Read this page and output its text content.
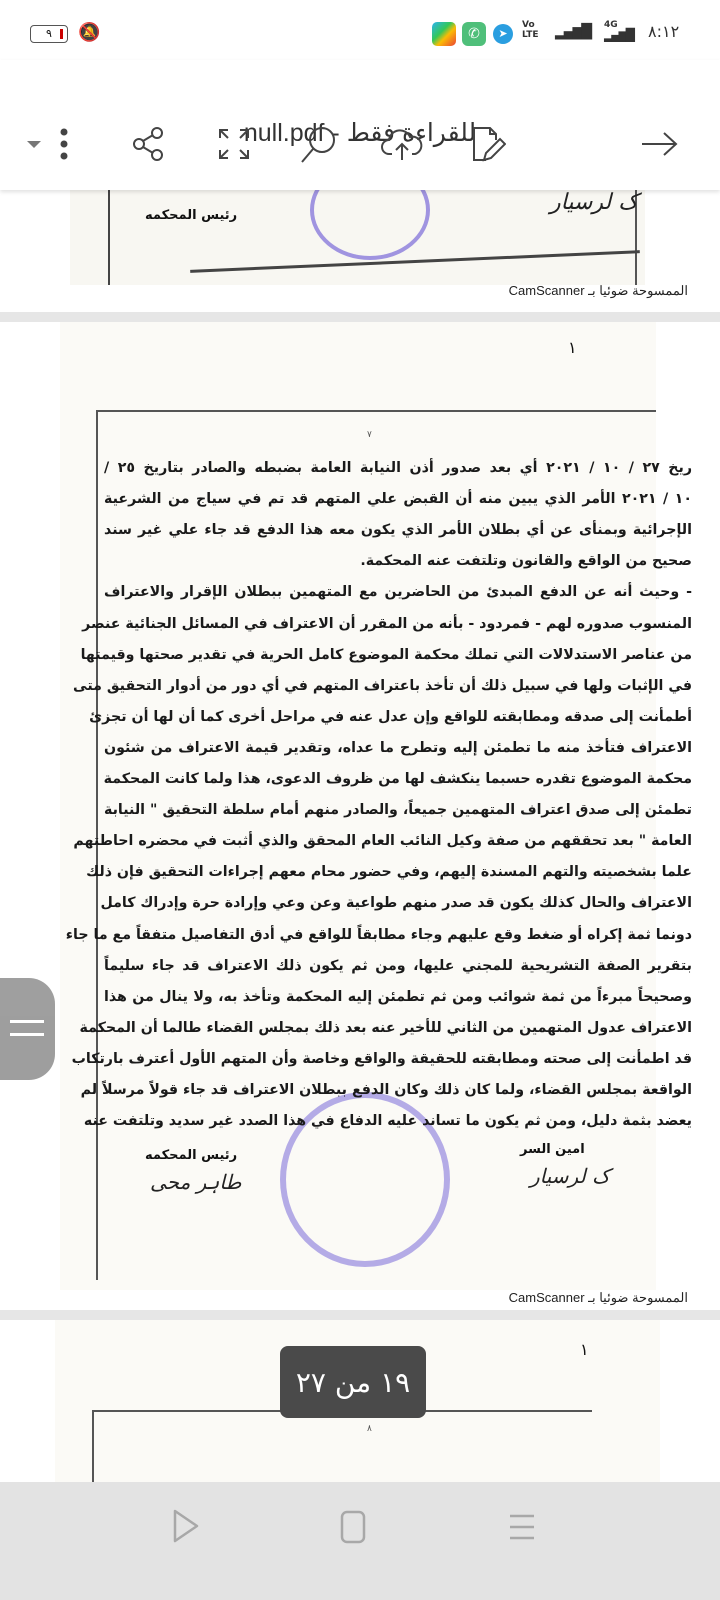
٩	🔕	✆	➤
Vo LTE	▂▄▆█ 4G
▂▄▆█ ٨:١٢
null.pdf - للقراءة فقط
رئيس المحكمه
ک لرسیار
الممسوحة ضوئيا بـ CamScanner
١
٧
ريخ ٢٧ / ١٠ / ٢٠٢١ أي بعد صدور أذن النيابة العامة بضبطه والصادر بتاريخ ٢٥ /
١٠ / ٢٠٢١ الأمر الذي يبين منه أن القبض علي المتهم قد تم في سياج من الشرعية
الإجرائية وبمنأى عن أي بطلان الأمر الذي يكون معه هذا الدفع قد جاء علي غير سند
صحيح من الواقع والقانون وتلتفت عنه المحكمة.
- وحيث أنه عن الدفع المبدئ من الحاضرين مع المتهمين ببطلان الإقرار والاعتراف
المنسوب صدوره لهم - فمردود - بأنه من المقرر أن الاعتراف في المسائل الجنائية عنصر
من عناصر الاستدلالات التي تملك محكمة الموضوع كامل الحرية في تقدير صحتها وقيمتها
في الإثبات ولها في سبيل ذلك أن تأخذ باعتراف المتهم في أي دور من أدوار التحقيق متى
أطمأنت إلى صدقه ومطابقته للواقع وإن عدل عنه في مراحل أخرى كما أن لها أن تجزئ
الاعتراف فتأخذ منه ما تطمئن إليه وتطرح ما عداه، وتقدير قيمة الاعتراف من شئون
محكمة الموضوع تقدره حسبما ينكشف لها من ظروف الدعوى، هذا ولما كانت المحكمة
تطمئن إلى صدق اعتراف المتهمين جميعاً، والصادر منهم أمام سلطة التحقيق " النيابة
العامة " بعد تحققهم من صفة وكيل النائب العام المحقق والذي أثبت في محضره احاطتهم
علما بشخصيته والتهم المسندة إليهم، وفي حضور محام معهم إجراءات التحقيق فإن ذلك
الاعتراف والحال كذلك يكون قد صدر منهم طواعية وعن وعي وإرادة حرة وإدراك كامل
دونما ثمة إكراه أو ضغط وقع عليهم وجاء مطابقاً للواقع في أدق التفاصيل متفقاً مع ما جاء
بتقرير الصفة التشريحية للمجني عليها، ومن ثم يكون ذلك الاعتراف قد جاء سليماً
وصحيحاً مبرءاً من ثمة شوائب ومن ثم تطمئن إليه المحكمة وتأخذ به، ولا ينال من هذا
الاعتراف عدول المتهمين من الثاني للأخير عنه بعد ذلك بمجلس القضاء طالما أن المحكمة
قد اطمأنت إلى صحته ومطابقته للحقيقة والواقع وخاصة وأن المتهم الأول أعترف بارتكاب
الواقعة بمجلس القضاء، ولما كان ذلك وكان الدفع ببطلان الاعتراف قد جاء قولاً مرسلاً لم
يعضد بثمة دليل، ومن ثم يكون ما تساند عليه الدفاع في هذا الصدد غير سديد وتلتفت عنه
امين السر
ک لرسیار
رئيس المحكمه
طاہر محی
الممسوحة ضوئيا بـ CamScanner
١
٨
١٩ من ٢٧
